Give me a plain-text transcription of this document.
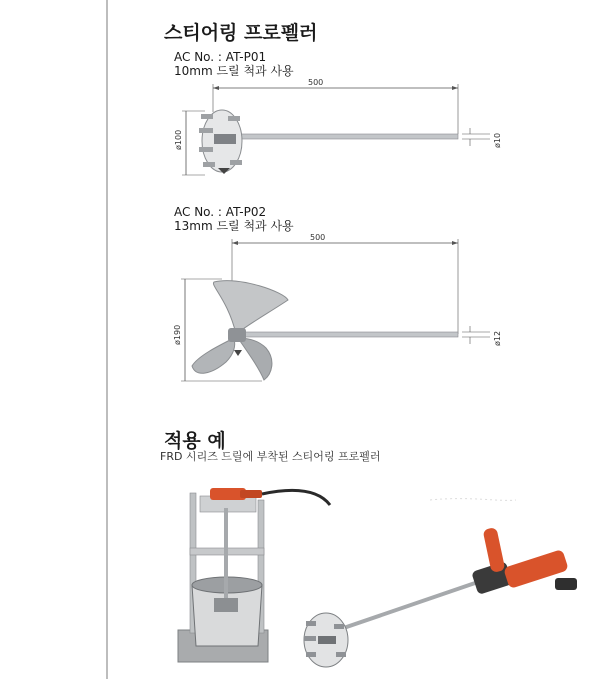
스티어링 프로펠러
AC No. : AT-P01
10mm 드릴 척과 사용
500
ø100	ø10
AC No. : AT-P02
13mm 드릴 척과 사용
500
ø190	ø12
적용 예
FRD 시리즈 드릴에 부착된 스티어링 프로펠러
